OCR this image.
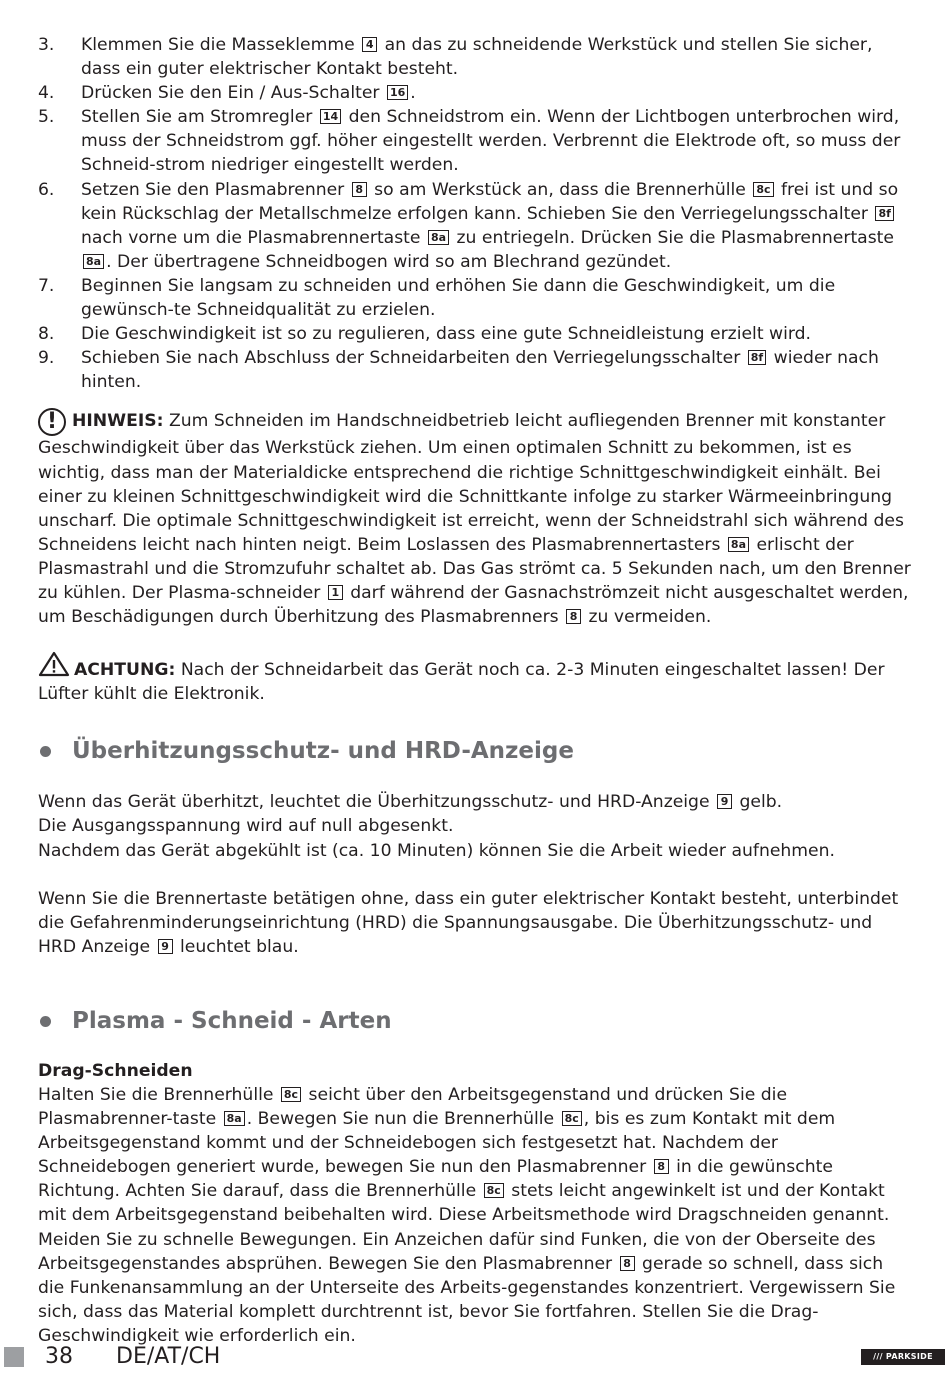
3. Klemmen Sie die Masseklemme 4 an das zu schneidende Werkstück und stellen Sie sicher, dass ein guter elektrischer Kontakt besteht.
4. Drücken Sie den Ein / Aus-Schalter 16 .
5. Stellen Sie am Stromregler 14 den Schneidstrom ein. Wenn der Lichtbogen unterbrochen wird, muss der Schneidstrom ggf. höher eingestellt werden. Verbrennt die Elektrode oft, so muss der Schneid-strom niedriger eingestellt werden.
6. Setzen Sie den Plasmabrenner 8 so am Werkstück an, dass die Brennerhülle 8c frei ist und so kein Rückschlag der Metallschmelze erfolgen kann. Schieben Sie den Verriegelungsschalter 8f nach vorne um die Plasmabrennertaste 8a zu entriegeln. Drücken Sie die Plasmabrennertaste 8a . Der übertragene Schneidbogen wird so am Blechrand gezündet.
7. Beginnen Sie langsam zu schneiden und erhöhen Sie dann die Geschwindigkeit, um die gewünsch-te Schneidqualität zu erzielen.
8. Die Geschwindigkeit ist so zu regulieren, dass eine gute Schneidleistung erzielt wird.
9. Schieben Sie nach Abschluss der Schneidarbeiten den Verriegelungsschalter 8f wieder nach hinten.
! HINWEIS: Zum Schneiden im Handschneidbetrieb leicht aufliegenden Brenner mit konstanter Geschwindigkeit über das Werkstück ziehen. Um einen optimalen Schnitt zu bekommen, ist es wichtig, dass man der Materialdicke entsprechend die richtige Schnittgeschwindigkeit einhält. Bei einer zu kleinen Schnittgeschwindigkeit wird die Schnittkante infolge zu starker Wärmeeinbringung unscharf. Die optimale Schnittgeschwindigkeit ist erreicht, wenn der Schneidstrahl sich während des Schneidens leicht nach hinten neigt. Beim Loslassen des Plasmabrennertasters 8a erlischt der Plasmastrahl und die Stromzufuhr schaltet ab. Das Gas strömt ca. 5 Sekunden nach, um den Brenner zu kühlen. Der Plasma-schneider 1 darf während der Gasnachströmzeit nicht ausgeschaltet werden, um Beschädigungen durch Überhitzung des Plasmabrenners 8 zu vermeiden.
ACHTUNG: Nach der Schneidarbeit das Gerät noch ca. 2-3 Minuten eingeschaltet lassen! Der Lüfter kühlt die Elektronik.
Überhitzungsschutz- und HRD-Anzeige
Wenn das Gerät überhitzt, leuchtet die Überhitzungsschutz- und HRD-Anzeige 9 gelb.
Die Ausgangsspannung wird auf null abgesenkt.
Nachdem das Gerät abgekühlt ist (ca. 10 Minuten) können Sie die Arbeit wieder aufnehmen.
Wenn Sie die Brennertaste betätigen ohne, dass ein guter elektrischer Kontakt besteht, unterbindet die Gefahrenminderungseinrichtung (HRD) die Spannungsausgabe. Die Überhitzungsschutz- und HRD Anzeige 9 leuchtet blau.
Plasma - Schneid - Arten
Drag-Schneiden
Halten Sie die Brennerhülle 8c seicht über den Arbeitsgegenstand und drücken Sie die Plasmabrenner-taste 8a . Bewegen Sie nun die Brennerhülle 8c , bis es zum Kontakt mit dem Arbeitsgegenstand kommt und der Schneidebogen sich festgesetzt hat. Nachdem der Schneidebogen generiert wurde, bewegen Sie nun den Plasmabrenner 8 in die gewünschte Richtung. Achten Sie darauf, dass die Brennerhülle 8c stets leicht angewinkelt ist und der Kontakt mit dem Arbeitsgegenstand beibehalten wird. Diese Arbeitsmethode wird Dragschneiden genannt. Meiden Sie zu schnelle Bewegungen. Ein Anzeichen dafür sind Funken, die von der Oberseite des Arbeitsgegenstandes absprühen. Bewegen Sie den Plasmabrenner 8 gerade so schnell, dass sich die Funkenansammlung an der Unterseite des Arbeits-gegenstandes konzentriert. Vergewissern Sie sich, dass das Material komplett durchtrennt ist, bevor Sie fortfahren. Stellen Sie die Drag-Geschwindigkeit wie erforderlich ein.
38 DE/AT/CH	/// PARKSIDE
